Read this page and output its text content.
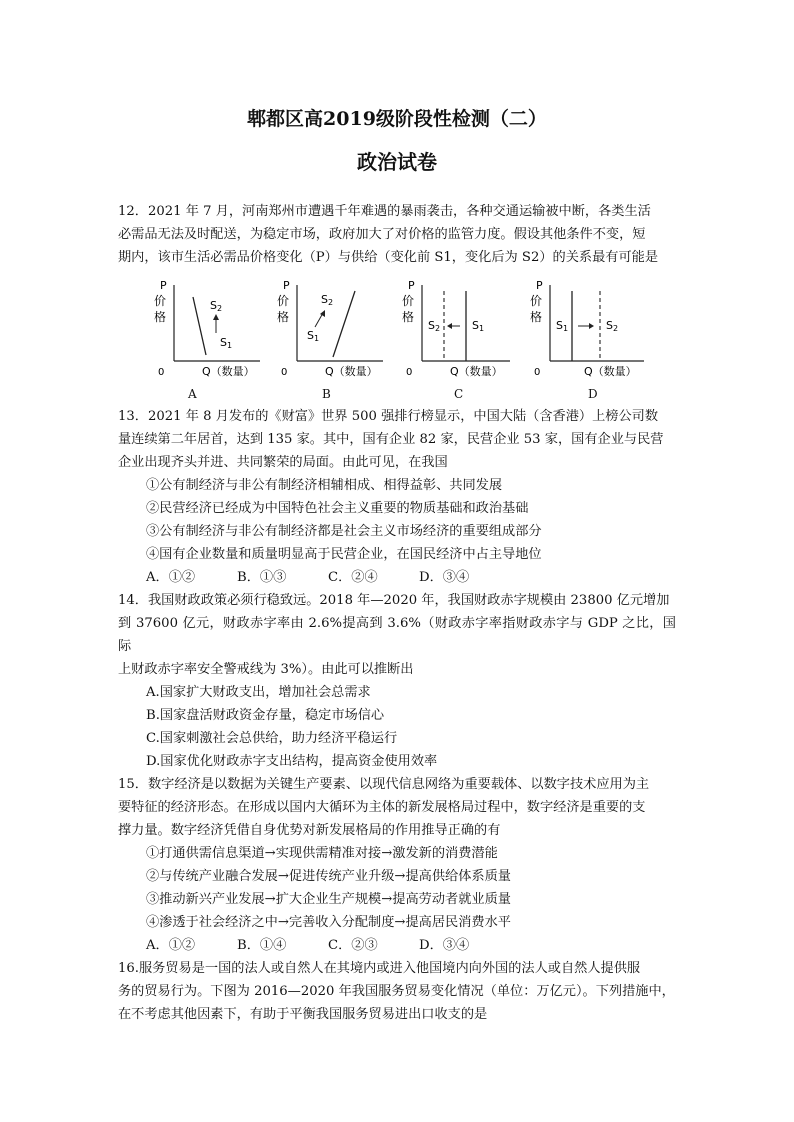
郫都区高2019级阶段性检测（二）
政治试卷

12．2021 年 7 月，河南郑州市遭遇千年难遇的暴雨袭击，各种交通运输被中断，各类生活

必需品无法及时配送，为稳定市场，政府加大了对价格的监管力度。假设其他条件不变，短

期内，该市生活必需品价格变化（P）与供给（变化前 S1，变化后为 S2）的关系最有可能是

P
价
格
0	Q（数量）
S2
S1
P
价
格
0	Q（数量）
S2
S1
P
价
格
0	Q（数量）
S2	S1
P
价
格
0	Q（数量）
S1	S2
A	B	C	D

13．2021 年 8 月发布的《财富》世界 500 强排行榜显示，中国大陆（含香港）上榜公司数

量连续第二年居首，达到 135 家。其中，国有企业 82 家，民营企业 53 家，国有企业与民营

企业出现齐头并进、共同繁荣的局面。由此可见，在我国

①公有制经济与非公有制经济相辅相成、相得益彰、共同发展

②民营经济已经成为中国特色社会主义重要的物质基础和政治基础

③公有制经济与非公有制经济都是社会主义市场经济的重要组成部分

④国有企业数量和质量明显高于民营企业，在国民经济中占主导地位

A．①②	B．①③	C．②④	D．③④

14．我国财政政策必须行稳致远。2018 年—2020 年，我国财政赤字规模由 23800 亿元增加

到 37600 亿元，财政赤字率由 2.6%提高到 3.6%（财政赤字率指财政赤字与 GDP 之比，国际

上财政赤字率安全警戒线为 3%）。由此可以推断出

A.国家扩大财政支出，增加社会总需求

B.国家盘活财政资金存量，稳定市场信心

C.国家刺激社会总供给，助力经济平稳运行

D.国家优化财政赤字支出结构，提高资金使用效率

15．数字经济是以数据为关键生产要素、以现代信息网络为重要载体、以数字技术应用为主

要特征的经济形态。在形成以国内大循环为主体的新发展格局过程中，数字经济是重要的支

撑力量。数字经济凭借自身优势对新发展格局的作用推导正确的有

①打通供需信息渠道→实现供需精准对接→激发新的消费潜能

②与传统产业融合发展→促进传统产业升级→提高供给体系质量

③推动新兴产业发展→扩大企业生产规模→提高劳动者就业质量

④渗透于社会经济之中→完善收入分配制度→提高居民消费水平

A．①②	B．①④	C．②③	D．③④

16.服务贸易是一国的法人或自然人在其境内或进入他国境内向外国的法人或自然人提供服

务的贸易行为。下图为 2016—2020 年我国服务贸易变化情况（单位：万亿元）。下列措施中，

在不考虑其他因素下，有助于平衡我国服务贸易进出口收支的是
